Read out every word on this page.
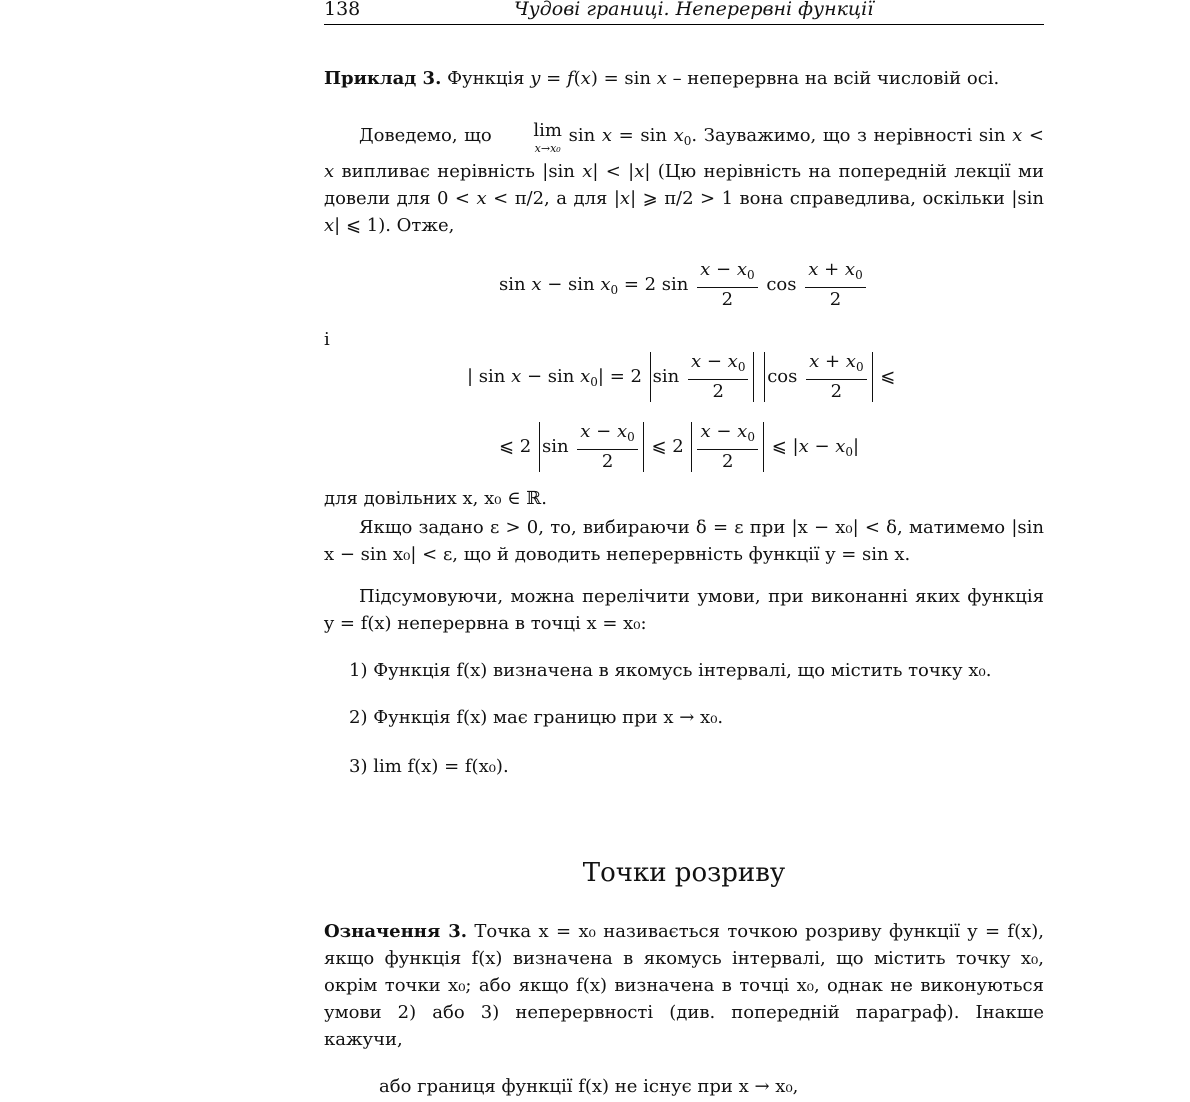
138	Чудові границі. Неперервні функції
Приклад 3. Функція y = f(x) = sin x – неперервна на всій числовій осі.
Доведемо, що lim
x→x₀
$\sin x = \sin x_0$. Зауважимо, що з нерівності sin x < x випливає нерівність |sin x| < |x| (Цю нерівність на попередній лекції ми довели для 0 < x < π/2, а для |x| ⩾ π/2 > 1 вона справедлива, оскільки |sin x| ⩽ 1). Отже,
$\sin x - \sin x_0 = 2$ $\sin \frac{x - x_0}{2}$ $\cos \frac{x + x_0}{2}$
і
| $\sin x - \sin x_0| = 2$ $\sin \frac{x - x_0}{2}$ $\cos \frac{x + x_0}{2}$ ⩽
⩽ 2 $\sin \frac{x - x_0}{2}$ ⩽ $2 \frac{x - x_0}{2}$ ⩽ $|x - x_0|$
для довільних x, x₀ ∈ ℝ.
Якщо задано ε > 0, то, вибираючи δ = ε при |x − x₀| < δ, матимемо |sin x − sin x₀| < ε, що й доводить неперервність функції y = sin x.
Підсумовуючи, можна перелічити умови, при виконанні яких функція y = f(x) неперервна в точці x = x₀:
1) Функція f(x) визначена в якомусь інтервалі, що містить точку x₀.
2) Функція f(x) має границю при x → x₀.
3) lim f(x) = f(x₀).
Точки розриву
Означення 3. Точка x = x₀ називається точкою розриву функції y = f(x), якщо функція f(x) визначена в якомусь інтервалі, що містить точку x₀, окрім точки x₀; або якщо f(x) визначена в точці x₀, однак не виконуються умови 2) або 3) неперервності (див. попередній параграф). Інакше кажучи,
або границя функції f(x) не існує при x → x₀,
